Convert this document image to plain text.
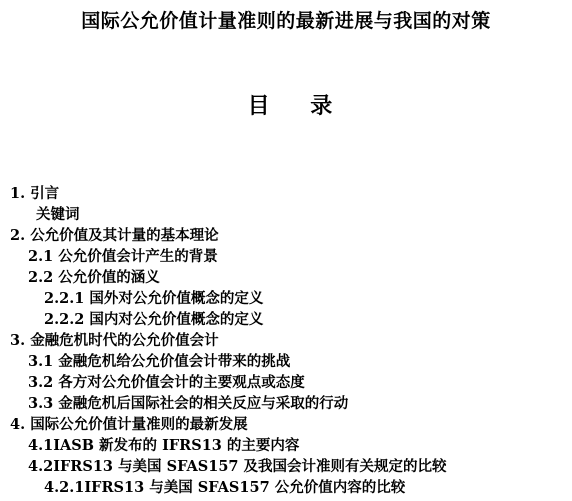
国际公允价值计量准则的最新进展与我国的对策
目    录
1. 引言
关键词
2. 公允价值及其计量的基本理论
2.1 公允价值会计产生的背景
2.2 公允价值的涵义
2.2.1 国外对公允价值概念的定义
2.2.2 国内对公允价值概念的定义
3. 金融危机时代的公允价值会计
3.1 金融危机给公允价值会计带来的挑战
3.2 各方对公允价值会计的主要观点或态度
3.3 金融危机后国际社会的相关反应与采取的行动
4. 国际公允价值计量准则的最新发展
4.1IASB 新发布的 IFRS13 的主要内容
4.2IFRS13 与美国 SFAS157 及我国会计准则有关规定的比较
4.2.1IFRS13 与美国 SFAS157 公允价值内容的比较
